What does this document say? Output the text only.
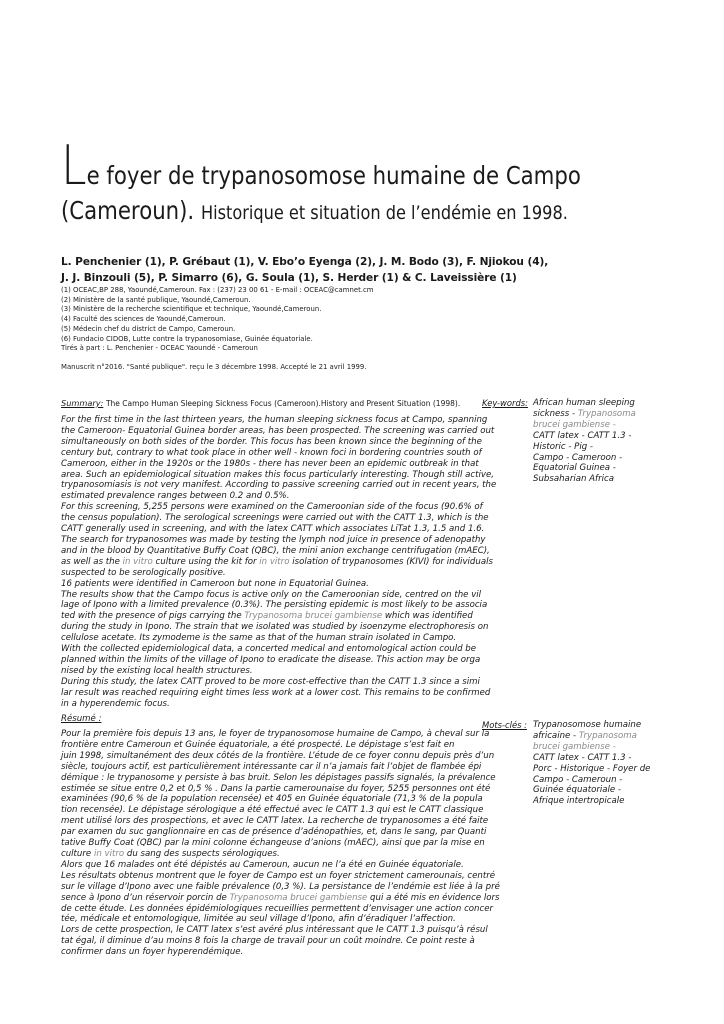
Le foyer de trypanosomose humaine de Campo
(Cameroun). Historique et situation de l’endémie en 1998.
L. Penchenier (1), P. Grébaut (1), V. Ebo’o Eyenga (2), J. M. Bodo (3), F. Njiokou (4),
J. J. Binzouli (5), P. Simarro (6), G. Soula (1), S. Herder (1) & C. Laveissière (1)
(1) OCEAC,BP 288, Yaoundé,Cameroun. Fax : (237) 23 00 61 - E-mail : OCEAC@camnet.cm
(2) Ministère de la santé publique, Yaoundé,Cameroun.
(3) Ministère de la recherche scientifique et technique, Yaoundé,Cameroun.
(4) Faculté des sciences de Yaoundé,Cameroun.
(5) Médecin chef du district de Campo, Cameroun.
(6) Fundacio CIDOB, Lutte contre la trypanosomiase, Guinée équatoriale.
Tirés à part : L. Penchenier - OCEAC Yaoundé - Cameroun
Manuscrit n°2016. "Santé publique". reçu le 3 décembre 1998. Accepté le 21 avril 1999.
Summary: The Campo Human Sleeping Sickness Focus (Cameroon).History and Present Situation (1998).
For the first time in the last thirteen years, the human sleeping sickness focus at Campo, spanning
the Cameroon- Equatorial Guinea border areas, has been prospected. The screening was carried out
simultaneously on both sides of the border. This focus has been known since the beginning of the
century but, contrary to what took place in other well - known foci in bordering countries south of
Cameroon, either in the 1920s or the 1980s - there has never been an epidemic outbreak in that
area. Such an epidemiological situation makes this focus particularly interesting. Though still active,
trypanosomiasis is not very manifest. According to passive screening carried out in recent years, the
estimated prevalence ranges between 0.2 and 0.5%.
For this screening, 5,255 persons were examined on the Cameroonian side of the focus (90.6% of
the census population). The serological screenings were carried out with the CATT 1.3, which is the
CATT generally used in screening, and with the latex CATT which associates LiTat 1.3, 1.5 and 1.6.
The search for trypanosomes was made by testing the lymph nod juice in presence of adenopathy
and in the blood by Quantitative Buffy Coat (QBC), the mini anion exchange centrifugation (mAEC),
as well as the in vitro culture using the kit for in vitro isolation of trypanosomes (KIVI) for individuals
suspected to be serologically positive.
16 patients were identified in Cameroon but none in Equatorial Guinea.
The results show that the Campo focus is active only on the Cameroonian side, centred on the vil
lage of Ipono with a limited prevalence (0.3%). The persisting epidemic is most likely to be associa
ted with the presence of pigs carrying the Trypanosoma brucei gambiense which was identified
during the study in Ipono. The strain that we isolated was studied by isoenzyme electrophoresis on
cellulose acetate. Its zymodeme is the same as that of the human strain isolated in Campo.
With the collected epidemiological data, a concerted medical and entomological action could be
planned within the limits of the village of Ipono to eradicate the disease. This action may be orga
nised by the existing local health structures.
During this study, the latex CATT proved to be more cost-effective than the CATT 1.3 since a simi
lar result was reached requiring eight times less work at a lower cost. This remains to be confirmed
in a hyperendemic focus.
Key-words: African human sleeping
sickness - Trypanosoma
brucei gambiense -
CATT latex - CATT 1.3 -
Historic - Pig -
Campo - Cameroon -
Equatorial Guinea -
Subsaharian Africa
Résumé :
Pour la première fois depuis 13 ans, le foyer de trypanosomose humaine de Campo, à cheval sur la
frontière entre Cameroun et Guinée équatoriale, a été prospecté. Le dépistage s’est fait en
juin 1998, simultanément des deux côtés de la frontière. L’étude de ce foyer connu depuis près d’un
siècle, toujours actif, est particulièrement intéressante car il n’a jamais fait l’objet de flambée épi
démique : le trypanosome y persiste à bas bruit. Selon les dépistages passifs signalés, la prévalence
estimée se situe entre 0,2 et 0,5 % . Dans la partie camerounaise du foyer, 5255 personnes ont été
examinées (90,6 % de la population recensée) et 405 en Guinée équatoriale (71,3 % de la popula
tion recensée). Le dépistage sérologique a été effectué avec le CATT 1.3 qui est le CATT classique
ment utilisé lors des prospections, et avec le CATT latex. La recherche de trypanosomes a été faite
par examen du suc ganglionnaire en cas de présence d’adénopathies, et, dans le sang, par Quanti
tative Buffy Coat (QBC) par la mini colonne échangeuse d’anions (mAEC), ainsi que par la mise en
culture in vitro du sang des suspects sérologiques.
Alors que 16 malades ont été dépistés au Cameroun, aucun ne l’a été en Guinée équatoriale.
Les résultats obtenus montrent que le foyer de Campo est un foyer strictement camerounais, centré
sur le village d’Ipono avec une faible prévalence (0,3 %). La persistance de l’endémie est liée à la pré
sence à Ipono d’un réservoir porcin de Trypanosoma brucei gambiense qui a été mis en évidence lors
de cette étude. Les données épidémiologiques recueillies permettent d’envisager une action concer
tée, médicale et entomologique, limitée au seul village d’Ipono, afin d’éradiquer l’affection.
Lors de cette prospection, le CATT latex s’est avéré plus intéressant que le CATT 1.3 puisqu’à résul
tat égal, il diminue d’au moins 8 fois la charge de travail pour un coût moindre. Ce point reste à
confirmer dans un foyer hyperendémique.
Mots-clés : Trypanosomose humaine
africaine - Trypanosoma
brucei gambiense -
CATT latex - CATT 1.3 -
Porc - Historique - Foyer de
Campo - Cameroun -
Guinée équatoriale -
Afrique intertropicale
